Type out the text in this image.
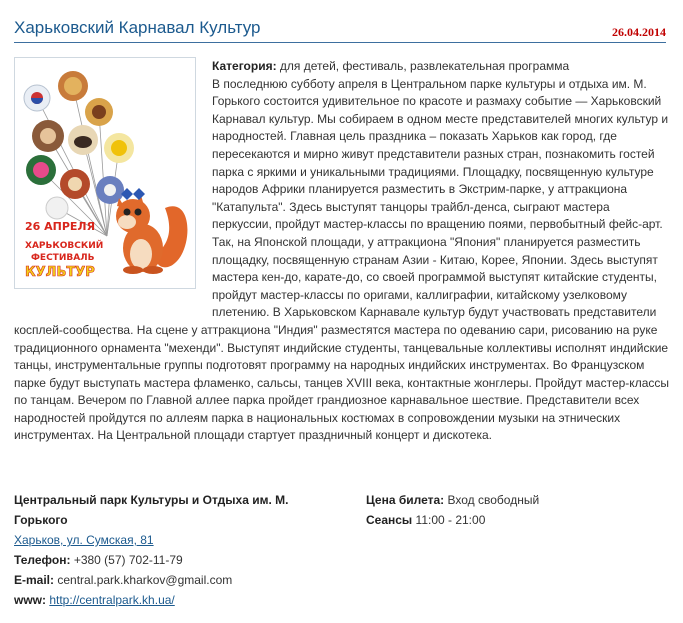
Харьковский Карнавал Культур	26.04.2014
26 АПРЕЛЯ
ХАРЬКОВСКИЙ
ФЕСТИВАЛЬ
КУЛЬТУР

Категория: для детей, фестиваль, развлекательная программа

В последнюю субботу апреля в Центральном парке культуры и отдыха им. М. Горького состоится удивительное по красоте и размаху событие — Харьковский Карнавал культур. Мы собираем в одном месте представителей многих культур и народностей. Главная цель праздника – показать Харьков как город, где пересекаются и мирно живут представители разных стран, познакомить гостей парка с яркими и уникальными традициями. Площадку, посвященную культуре народов Африки планируется разместить в Экстрим-парке, у аттракциона "Катапульта". Здесь выступят танцоры трайбл-денса, сыграют мастера перкуссии, пройдут мастер-классы по вращению поями, первобытный фейс-арт. Так, на Японской площади, у аттракциона "Япония" планируется разместить площадку, посвященную странам Азии - Китаю, Корее, Японии. Здесь выступят мастера кен-до, карате-до, со своей программой выступят китайские студенты, пройдут мастер-классы по оригами, каллиграфии, китайскому узелковому плетению. В Харьковском Карнавале культур будут участвовать представители косплей-сообщества. На сцене у аттракциона "Индия" разместятся мастера по одеванию сари, рисованию на руке традиционного орнамента "мехенди". Выступят индийские студенты, танцевальные коллективы исполнят индийские танцы, инструментальные группы подготовят программу на народных индийских инструментах. Во Французском парке будут выступать мастера фламенко, сальсы, танцев XVIII века, контактные жонглеры. Пройдут мастер-классы по танцам. Вечером по Главной аллее парка пройдет грандиозное карнавальное шествие. Представители всех народностей пройдутся по аллеям парка в национальных костюмах в сопровождении музыки на этнических инструментах. На Центральной площади стартует праздничный концерт и дискотека.

Центральный парк Культуры и Отдыха им. М. Горького
Харьков, ул. Сумская, 81
Телефон: +380 (57) 702-11-79
E-mail: central.park.kharkov@gmail.com
www: http://centralpark.kh.ua/
Цена билета: Вход свободный
Сеансы 11:00 - 21:00
